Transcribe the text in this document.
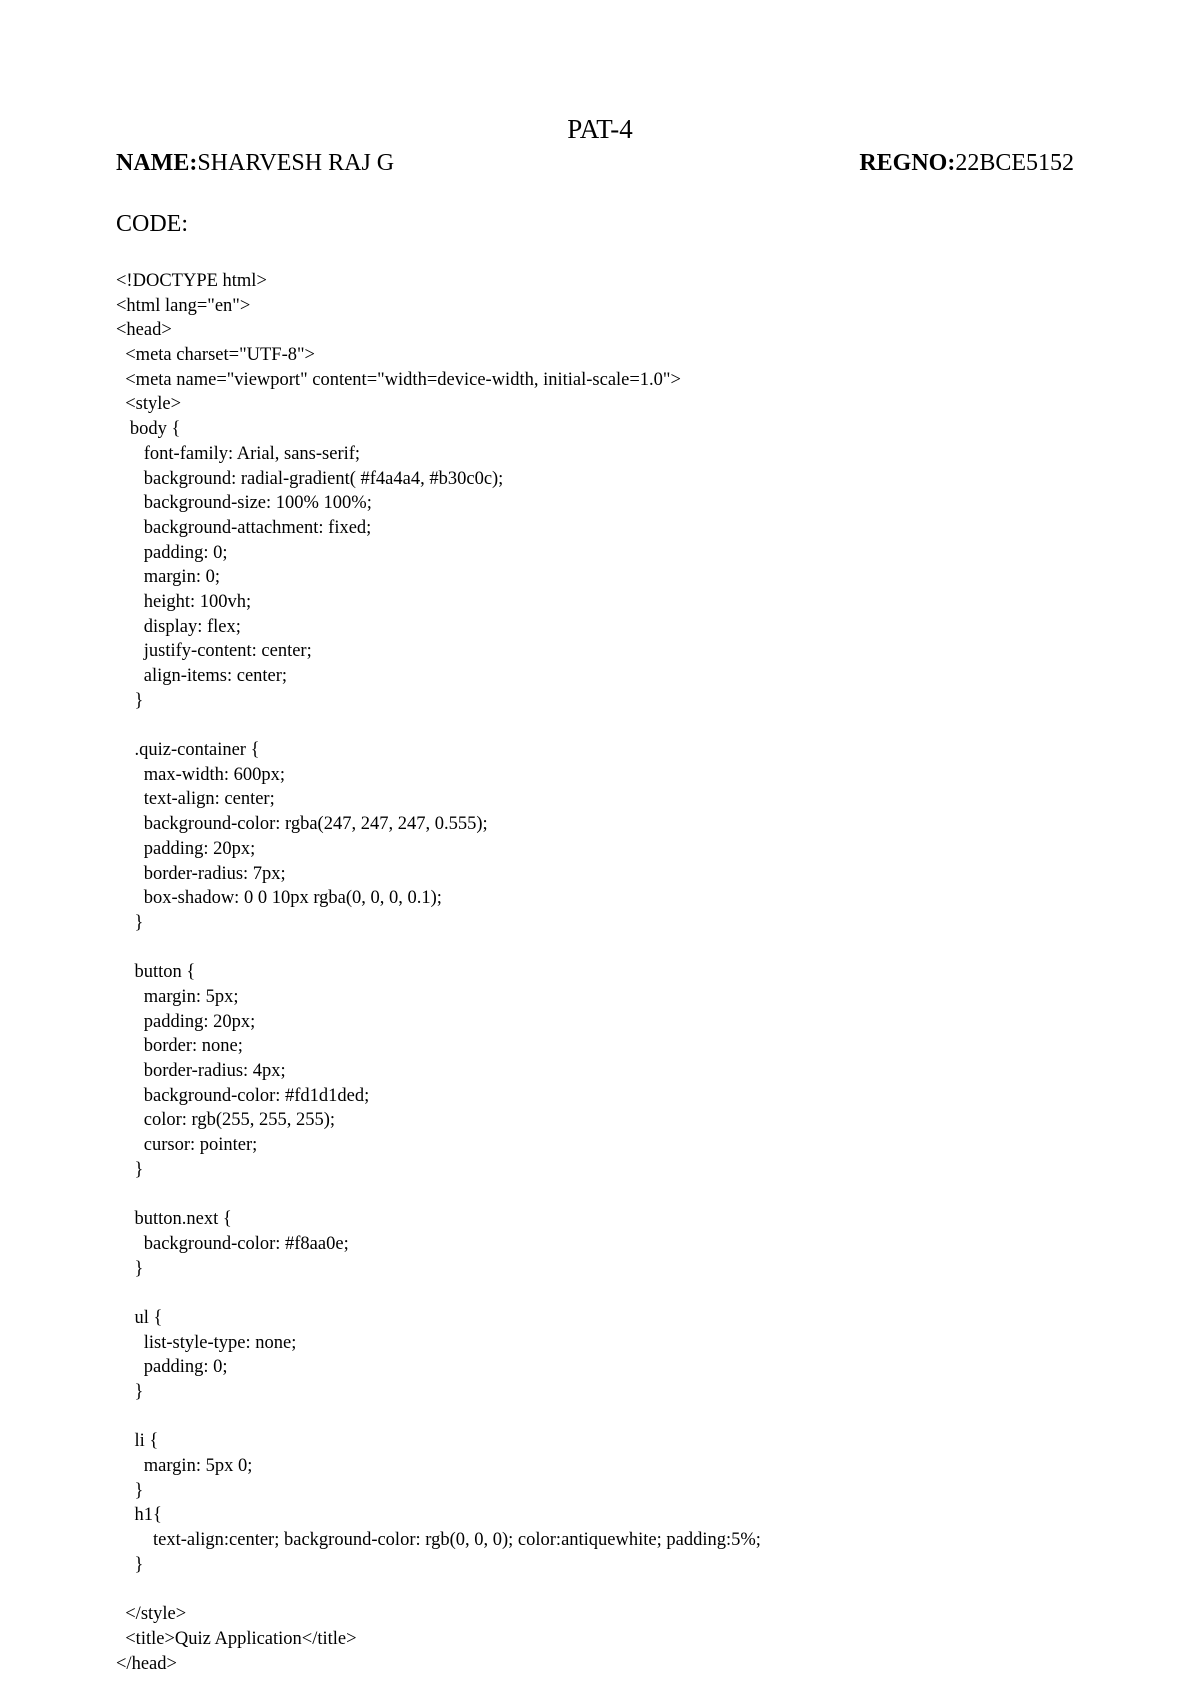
PAT-4
NAME:SHARVESH RAJ G	REGNO:22BCE5152
CODE:
<!DOCTYPE html>
<html lang="en">
<head>
<meta charset="UTF-8">
<meta name="viewport" content="width=device-width, initial-scale=1.0">
<style>
body {
font-family: Arial, sans-serif;
background: radial-gradient( #f4a4a4, #b30c0c);
background-size: 100% 100%;
background-attachment: fixed;
padding: 0;
margin: 0;
height: 100vh;
display: flex;
justify-content: center;
align-items: center;
}
.quiz-container {
max-width: 600px;
text-align: center;
background-color: rgba(247, 247, 247, 0.555);
padding: 20px;
border-radius: 7px;
box-shadow: 0 0 10px rgba(0, 0, 0, 0.1);
}
button {
margin: 5px;
padding: 20px;
border: none;
border-radius: 4px;
background-color: #fd1d1ded;
color: rgb(255, 255, 255);
cursor: pointer;
}
button.next {
background-color: #f8aa0e;
}
ul {
list-style-type: none;
padding: 0;
}
li {
margin: 5px 0;
}
h1{
text-align:center; background-color: rgb(0, 0, 0); color:antiquewhite; padding:5%;
}
</style>
<title>Quiz Application</title>
</head>
